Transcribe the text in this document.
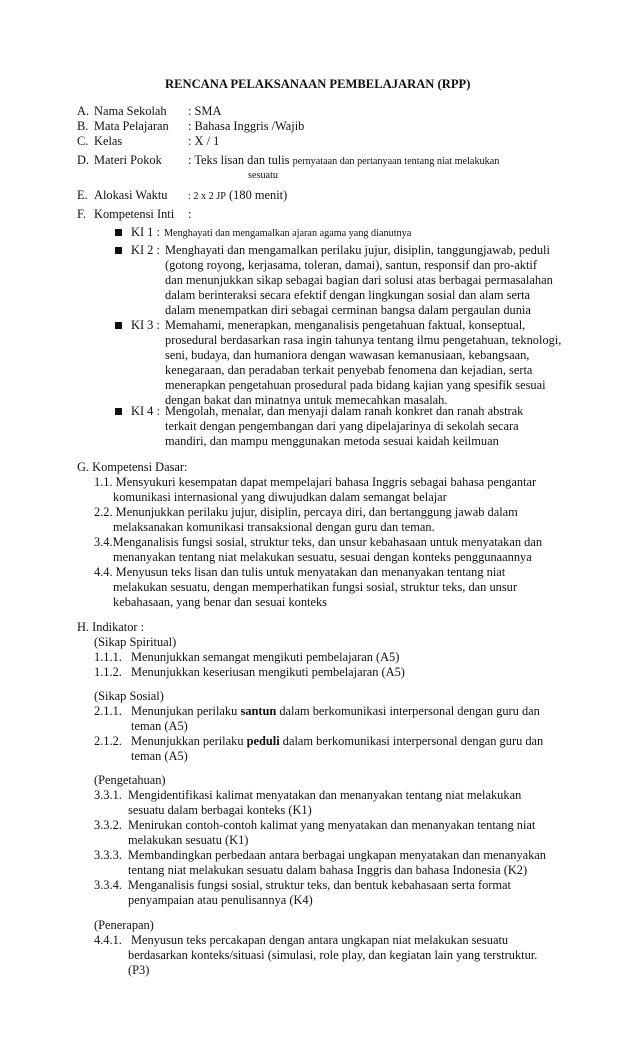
RENCANA PELAKSANAAN PEMBELAJARAN (RPP)
A. Nama Sekolah : SMA
B. Mata Pelajaran : Bahasa Inggris /Wajib
C. Kelas	: X / 1
D. Materi Pokok : Teks lisan dan tulis pernyataan dan pertanyaan tentang niat melakukan
sesuatu
E. Alokasi Waktu : 2 x 2 JP (180 menit)
F. Kompetensi Inti :
KI 1 : Menghayati dan mengamalkan ajaran agama yang dianutnya
KI 2 : Menghayati dan mengamalkan perilaku jujur, disiplin, tanggungjawab, peduli
(gotong royong, kerjasama, toleran, damai), santun, responsif dan pro-aktif
dan menunjukkan sikap sebagai bagian dari solusi atas berbagai permasalahan
dalam berinteraksi secara efektif dengan lingkungan sosial dan alam serta
dalam menempatkan diri sebagai cerminan bangsa dalam pergaulan dunia
KI 3 : Memahami, menerapkan, menganalisis pengetahuan faktual, konseptual,
prosedural berdasarkan rasa ingin tahunya tentang ilmu pengetahuan, teknologi,
seni, budaya, dan humaniora dengan wawasan kemanusiaan, kebangsaan,
kenegaraan, dan peradaban terkait penyebab fenomena dan kejadian, serta
menerapkan pengetahuan prosedural pada bidang kajian yang spesifik sesuai
dengan bakat dan minatnya untuk memecahkan masalah.
KI 4 : Mengolah, menalar, dan menyaji dalam ranah konkret dan ranah abstrak
terkait dengan pengembangan dari yang dipelajarinya di sekolah secara
mandiri, dan mampu menggunakan metoda sesuai kaidah keilmuan
G. Kompetensi Dasar:
1.1. Mensyukuri kesempatan dapat mempelajari bahasa Inggris sebagai bahasa pengantar
komunikasi internasional yang diwujudkan dalam semangat belajar
2.2. Menunjukkan perilaku jujur, disiplin, percaya diri, dan bertanggung jawab dalam
melaksanakan komunikasi transaksional dengan guru dan teman.
3.4.Menganalisis fungsi sosial, struktur teks, dan unsur kebahasaan untuk menyatakan dan
menanyakan tentang niat melakukan sesuatu, sesuai dengan konteks penggunaannya
4.4. Menyusun teks lisan dan tulis untuk menyatakan dan menanyakan tentang niat
melakukan sesuatu, dengan memperhatikan fungsi sosial, struktur teks, dan unsur
kebahasaan, yang benar dan sesuai konteks
H. Indikator :
(Sikap Spiritual)
1.1.1. Menunjukkan semangat mengikuti pembelajaran (A5)
1.1.2. Menunjukkan keseriusan mengikuti pembelajaran (A5)
(Sikap Sosial)
2.1.1. Menunjukan perilaku santun dalam berkomunikasi interpersonal dengan guru dan
teman (A5)
2.1.2. Menunjukkan perilaku peduli dalam berkomunikasi interpersonal dengan guru dan
teman (A5)
(Pengetahuan)
3.3.1. Mengidentifikasi kalimat menyatakan dan menanyakan tentang niat melakukan
sesuatu dalam berbagai konteks (K1)
3.3.2. Menirukan contoh-contoh kalimat yang menyatakan dan menanyakan tentang niat
melakukan sesuatu (K1)
3.3.3. Membandingkan perbedaan antara berbagai ungkapan menyatakan dan menanyakan
tentang niat melakukan sesuatu dalam bahasa Inggris dan bahasa Indonesia (K2)
3.3.4. Menganalisis fungsi sosial, struktur teks, dan bentuk kebahasaan serta format
penyampaian atau penulisannya (K4)
(Penerapan)
4.4.1. Menyusun teks percakapan dengan antara ungkapan niat melakukan sesuatu
berdasarkan konteks/situasi (simulasi, role play, dan kegiatan lain yang terstruktur.
(P3)
